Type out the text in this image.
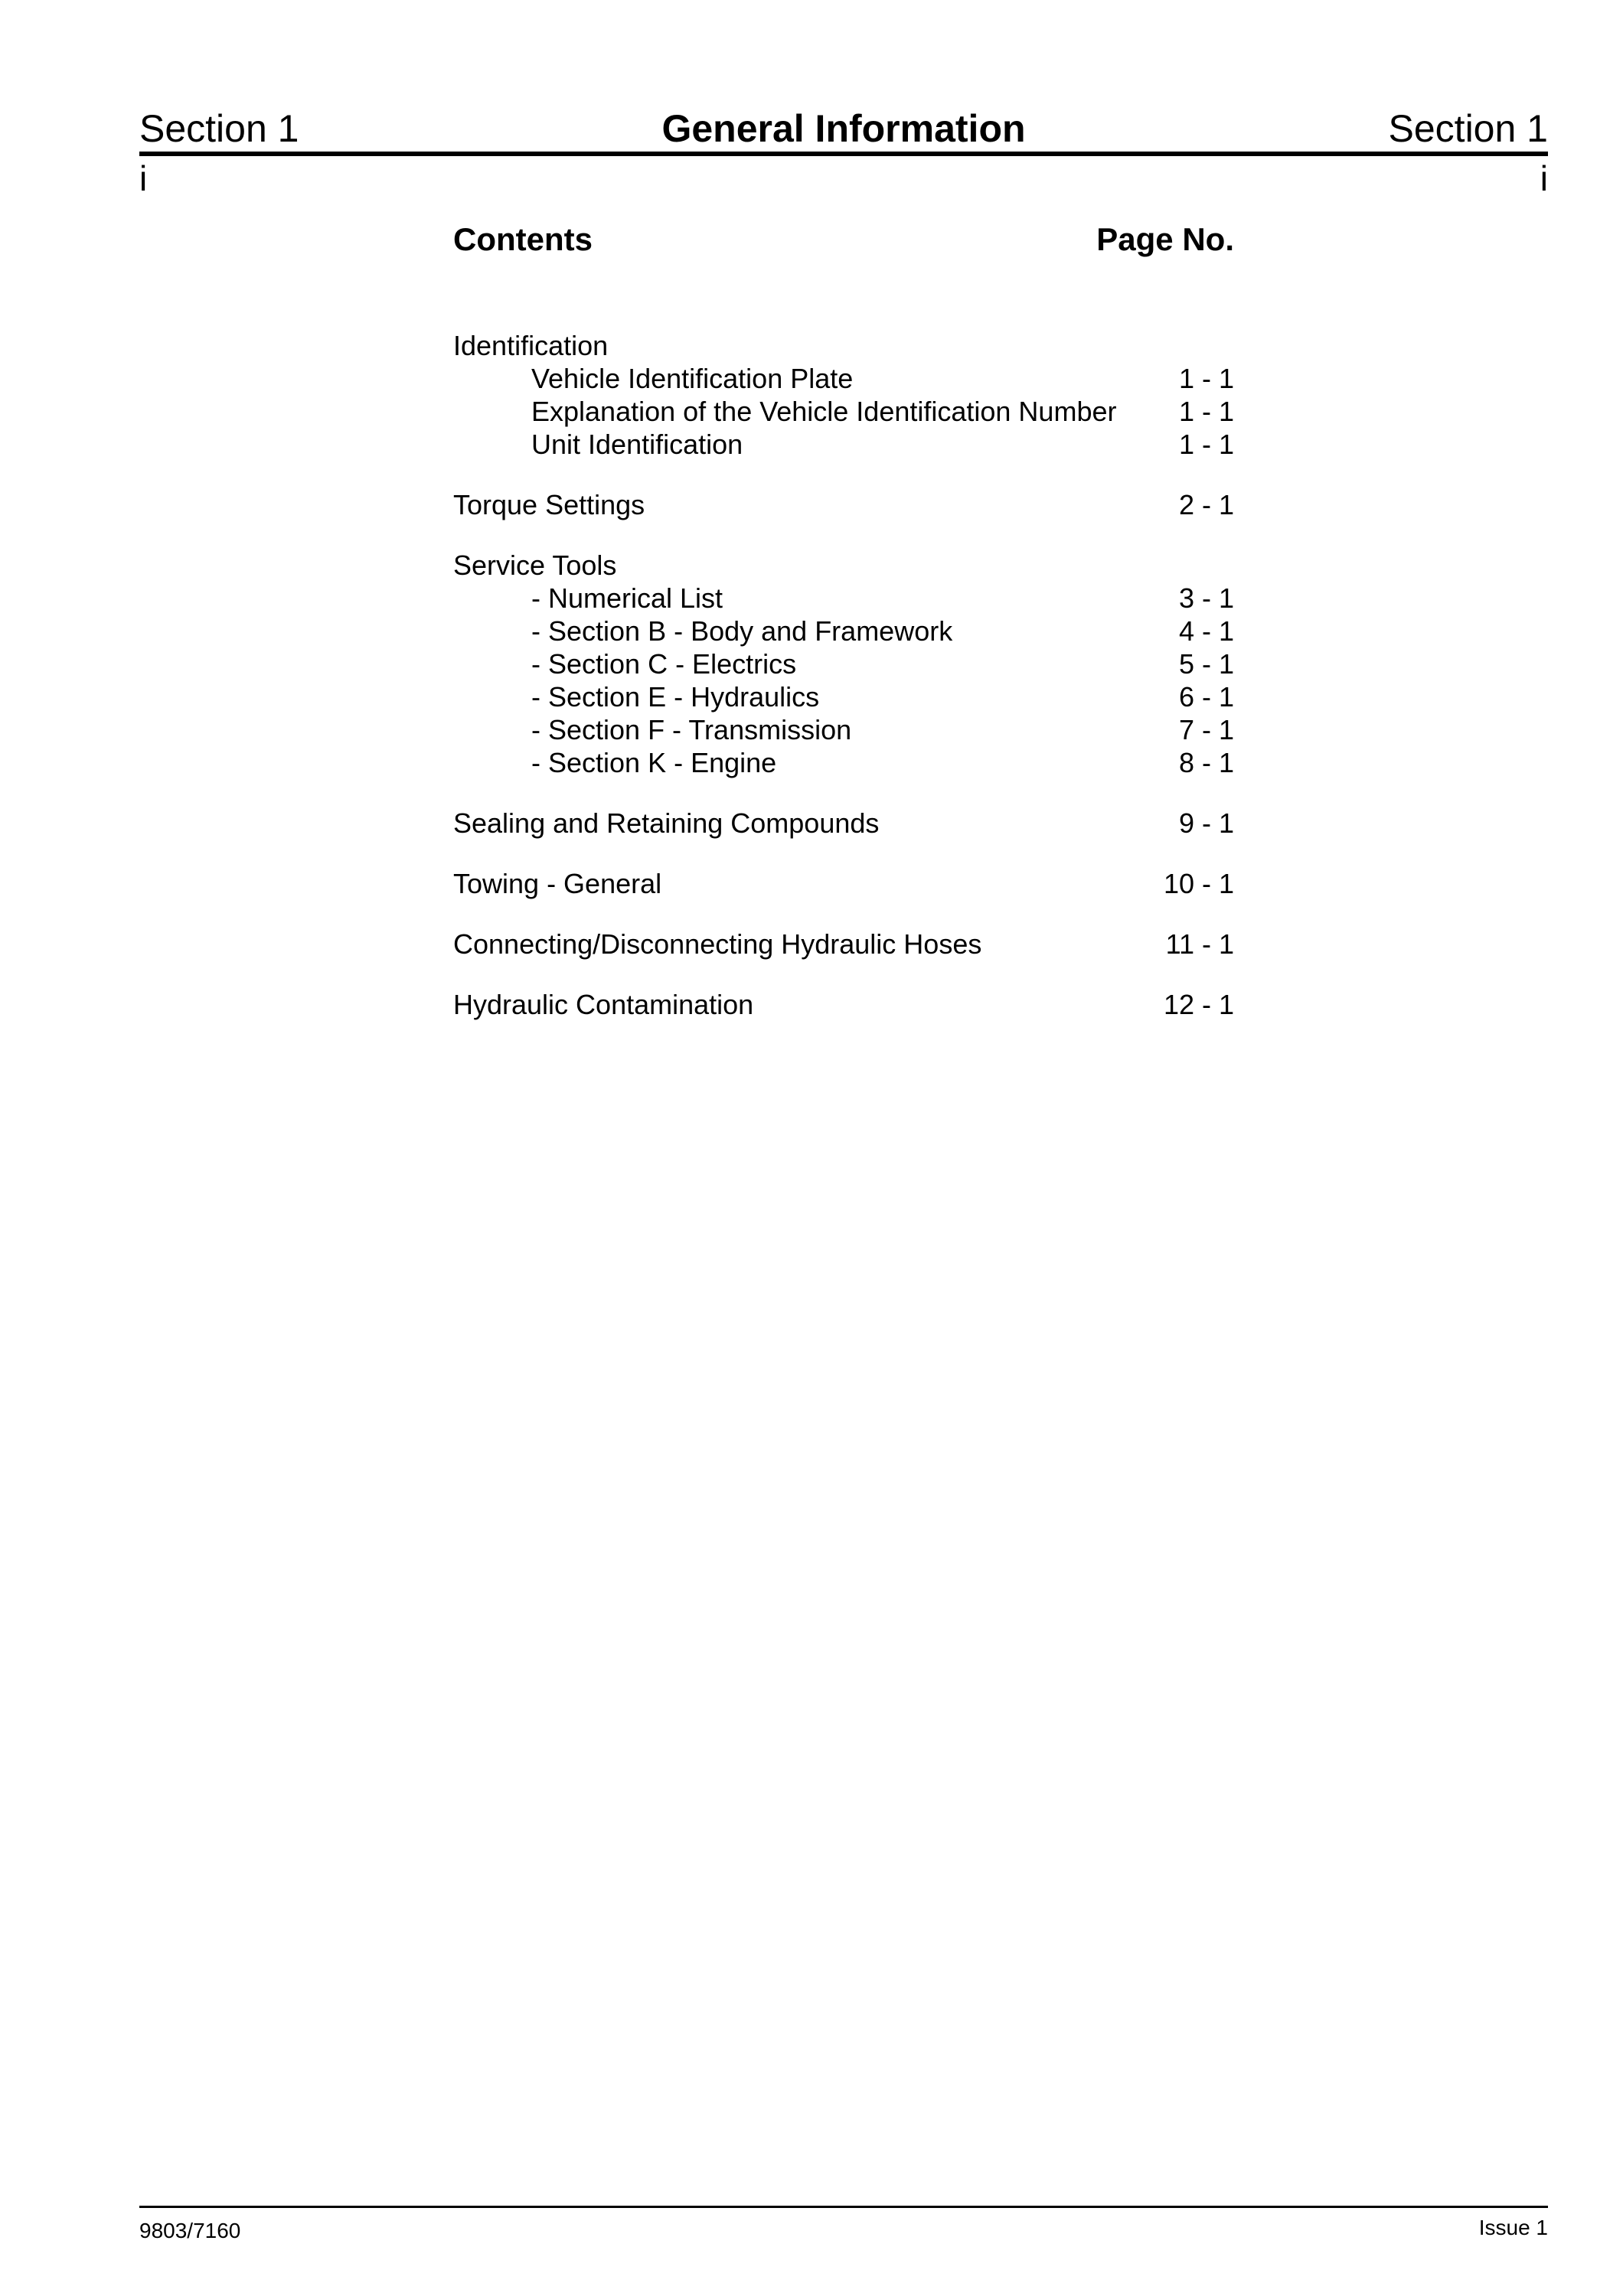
Section 1	General Information	Section 1
i	i
Contents	Page No.
Identification
Vehicle Identification Plate	1 - 1
Explanation of the Vehicle Identification Number 1 - 1
Unit Identification	1 - 1
Torque Settings	2 - 1
Service Tools
- Numerical List	3 - 1
- Section B - Body and Framework	4 - 1
- Section C - Electrics	5 - 1
- Section E - Hydraulics	6 - 1
- Section F - Transmission	7 - 1
- Section K - Engine	8 - 1
Sealing and Retaining Compounds	9 - 1
Towing - General	10 - 1
Connecting/Disconnecting Hydraulic Hoses	11 - 1
Hydraulic Contamination	12 - 1
9803/7160	Issue 1
